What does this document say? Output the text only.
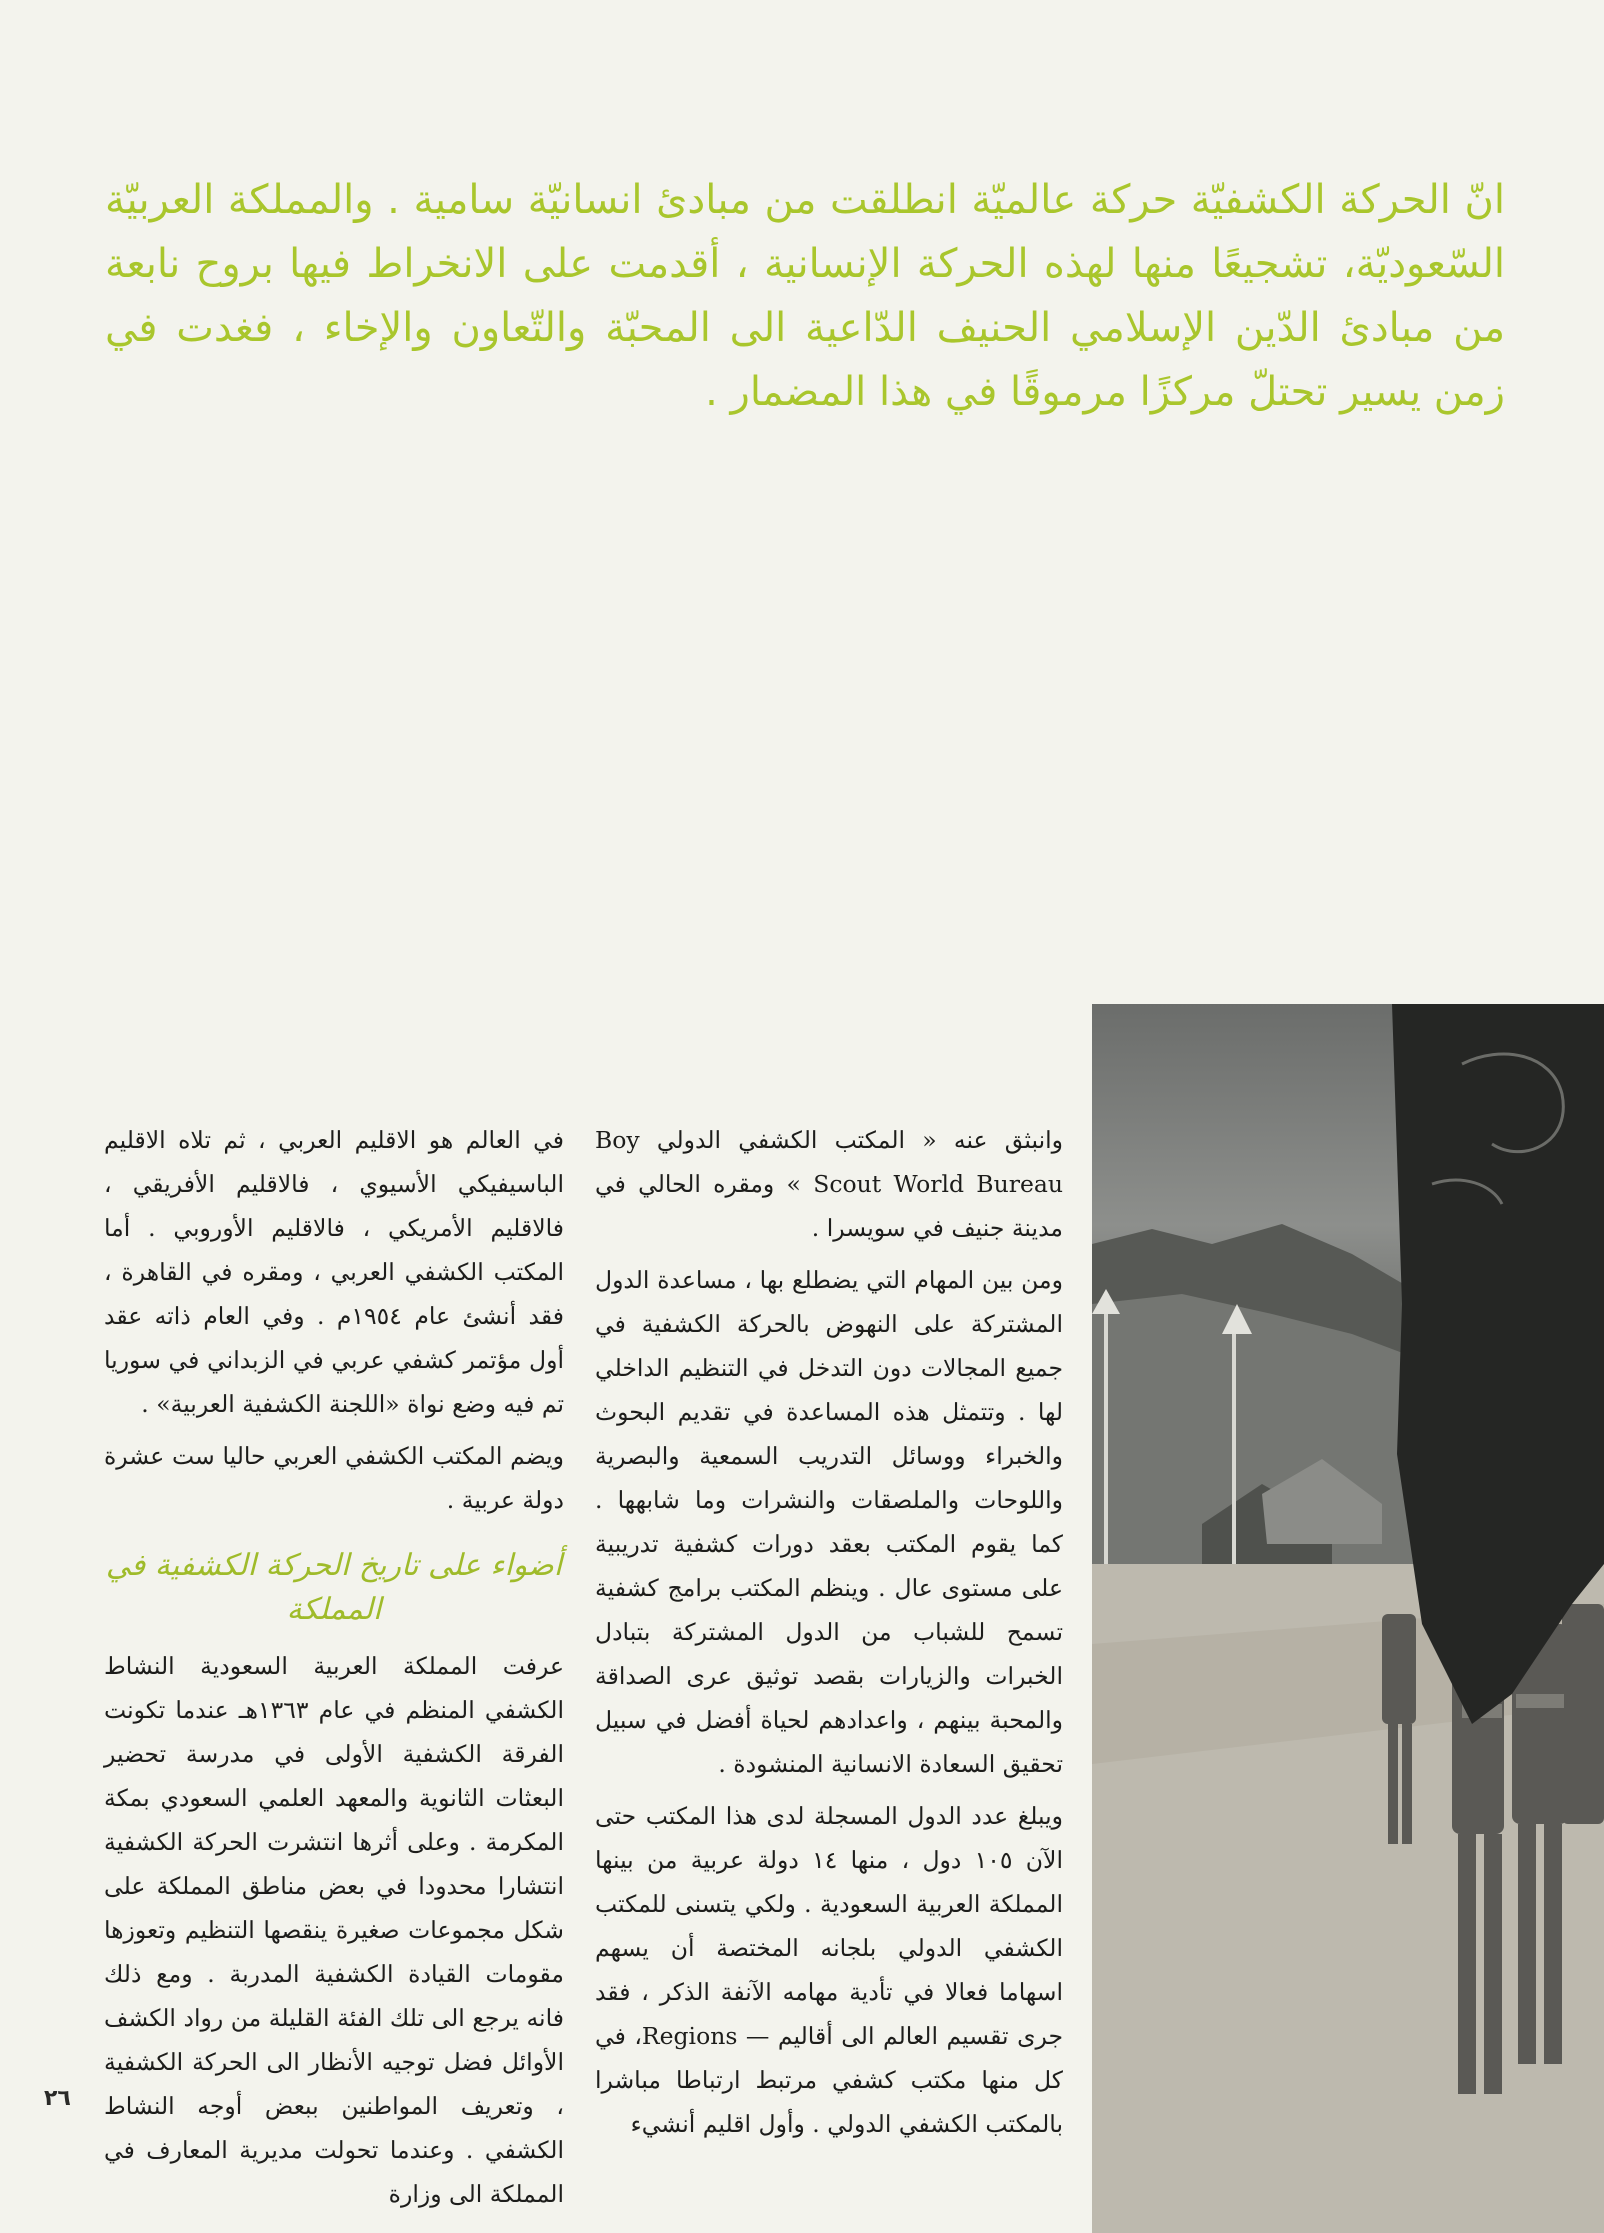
انّ الحركة الكشفيّة حركة عالميّة انطلقت من مبادئ انسانيّة سامية . والمملكة العربيّة السّعوديّة، تشجيعًا منها لهذه الحركة الإنسانية ، أقدمت على الانخراط فيها بروح نابعة من مبادئ الدّين الإسلامي الحنيف الدّاعية الى المحبّة والتّعاون والإخاء ، فغدت في زمن يسير تحتلّ مركزًا مرموقًا في هذا المضمار .

وانبثق عنه « المكتب الكشفي الدولي Boy Scout World Bureau » ومقره الحالي في مدينة جنيف في سويسرا .

ومن بين المهام التي يضطلع بها ، مساعدة الدول المشتركة على النهوض بالحركة الكشفية في جميع المجالات دون التدخل في التنظيم الداخلي لها . وتتمثل هذه المساعدة في تقديم البحوث والخبراء ووسائل التدريب السمعية والبصرية واللوحات والملصقات والنشرات وما شابهها . كما يقوم المكتب بعقد دورات كشفية تدريبية على مستوى عال . وينظم المكتب برامج كشفية تسمح للشباب من الدول المشتركة بتبادل الخبرات والزيارات بقصد توثيق عرى الصداقة والمحبة بينهم ، واعدادهم لحياة أفضل في سبيل تحقيق السعادة الانسانية المنشودة .

ويبلغ عدد الدول المسجلة لدى هذا المكتب حتى الآن ١٠٥ دول ، منها ١٤ دولة عربية من بينها المملكة العربية السعودية . ولكي يتسنى للمكتب الكشفي الدولي بلجانه المختصة أن يسهم اسهاما فعالا في تأدية مهامه الآنفة الذكر ، فقد جرى تقسيم العالم الى أقاليم — Regions، في كل منها مكتب كشفي مرتبط ارتباطا مباشرا بالمكتب الكشفي الدولي . وأول اقليم أنشيء

في العالم هو الاقليم العربي ، ثم تلاه الاقليم الباسيفيكي الأسيوي ، فالاقليم الأفريقي ، فالاقليم الأمريكي ، فالاقليم الأوروبي . أما المكتب الكشفي العربي ، ومقره في القاهرة ، فقد أنشئ عام ١٩٥٤م . وفي العام ذاته عقد أول مؤتمر كشفي عربي في الزبداني في سوريا تم فيه وضع نواة «اللجنة الكشفية العربية» .

ويضم المكتب الكشفي العربي حاليا ست عشرة دولة عربية .

أضواء على تاريخ الحركة الكشفية في المملكة

عرفت المملكة العربية السعودية النشاط الكشفي المنظم في عام ١٣٦٣هـ عندما تكونت الفرقة الكشفية الأولى في مدرسة تحضير البعثات الثانوية والمعهد العلمي السعودي بمكة المكرمة . وعلى أثرها انتشرت الحركة الكشفية انتشارا محدودا في بعض مناطق المملكة على شكل مجموعات صغيرة ينقصها التنظيم وتعوزها مقومات القيادة الكشفية المدربة . ومع ذلك فانه يرجع الى تلك الفئة القليلة من رواد الكشف الأوائل فضل توجيه الأنظار الى الحركة الكشفية ، وتعريف المواطنين ببعض أوجه النشاط الكشفي . وعندما تحولت مديرية المعارف في المملكة الى وزارة

٢٦
